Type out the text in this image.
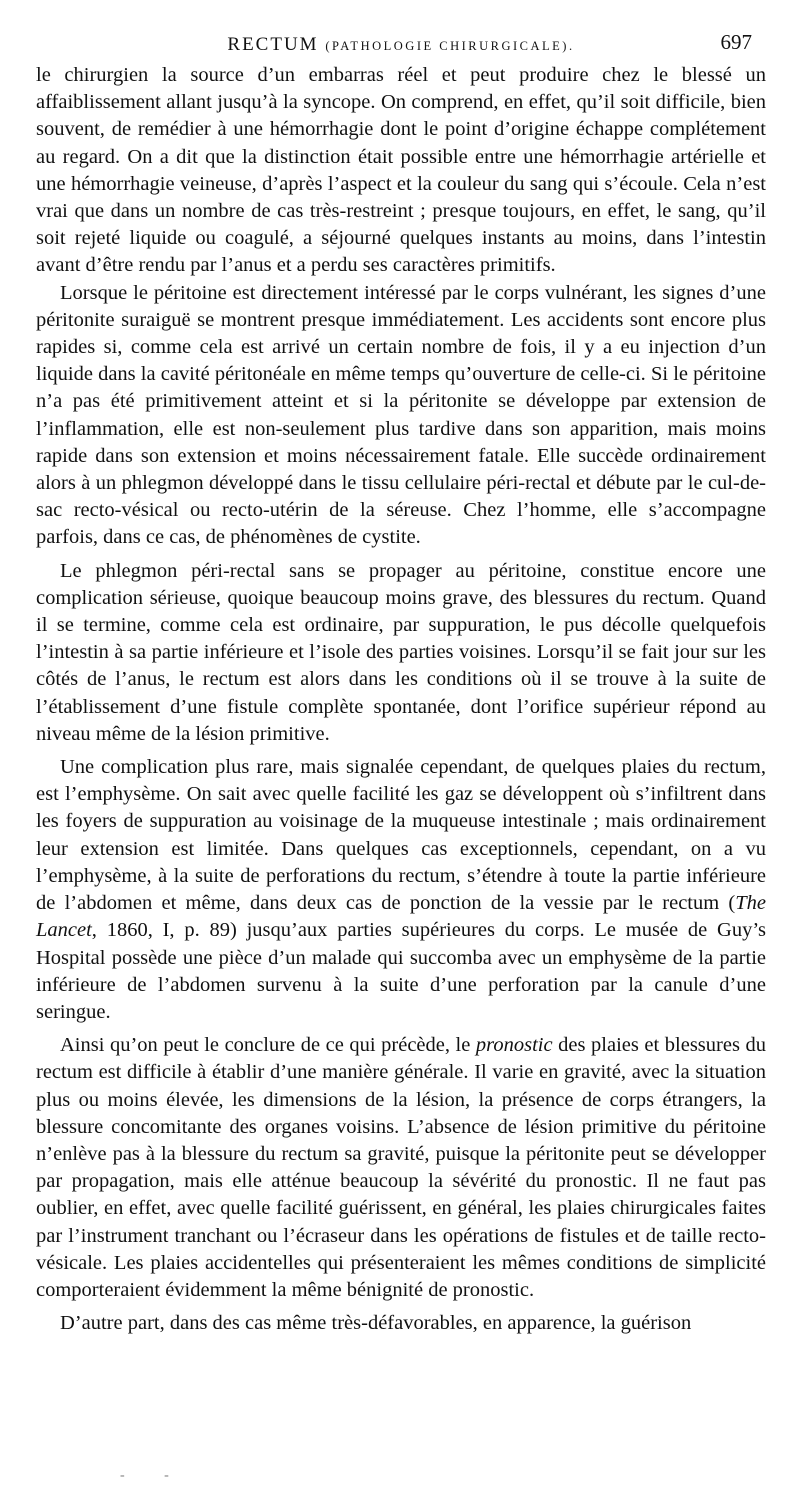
RECTUM (PATHOLOGIE CHIRURGICALE).	697

le chirurgien la source d’un embarras réel et peut produire chez le blessé un affaiblissement allant jusqu’à la syncope. On comprend, en effet, qu’il soit difficile, bien souvent, de remédier à une hémorrhagie dont le point d’origine échappe complétement au regard. On a dit que la distinction était possible entre une hémorrhagie artérielle et une hémorrhagie veineuse, d’après l’aspect et la couleur du sang qui s’écoule. Cela n’est vrai que dans un nombre de cas très-restreint ; presque toujours, en effet, le sang, qu’il soit rejeté liquide ou coagulé, a séjourné quelques instants au moins, dans l’intestin avant d’être rendu par l’anus et a perdu ses caractères primitifs.

Lorsque le péritoine est directement intéressé par le corps vulnérant, les signes d’une péritonite suraiguë se montrent presque immédiatement. Les accidents sont encore plus rapides si, comme cela est arrivé un certain nombre de fois, il y a eu injection d’un liquide dans la cavité péritonéale en même temps qu’ouverture de celle-ci. Si le péritoine n’a pas été primitivement atteint et si la péritonite se développe par extension de l’inflammation, elle est non-seulement plus tardive dans son apparition, mais moins rapide dans son extension et moins nécessairement fatale. Elle succède ordinairement alors à un phlegmon développé dans le tissu cellulaire péri-rectal et débute par le cul-de-sac recto-vésical ou recto-utérin de la séreuse. Chez l’homme, elle s’accompagne parfois, dans ce cas, de phénomènes de cystite.

Le phlegmon péri-rectal sans se propager au péritoine, constitue encore une complication sérieuse, quoique beaucoup moins grave, des blessures du rectum. Quand il se termine, comme cela est ordinaire, par suppuration, le pus décolle quelquefois l’intestin à sa partie inférieure et l’isole des parties voisines. Lorsqu’il se fait jour sur les côtés de l’anus, le rectum est alors dans les conditions où il se trouve à la suite de l’établissement d’une fistule complète spontanée, dont l’orifice supérieur répond au niveau même de la lésion primitive.

Une complication plus rare, mais signalée cependant, de quelques plaies du rectum, est l’emphysème. On sait avec quelle facilité les gaz se développent où s’infiltrent dans les foyers de suppuration au voisinage de la muqueuse intestinale ; mais ordinairement leur extension est limitée. Dans quelques cas exceptionnels, cependant, on a vu l’emphysème, à la suite de perforations du rectum, s’étendre à toute la partie inférieure de l’abdomen et même, dans deux cas de ponction de la vessie par le rectum (The Lancet, 1860, I, p. 89) jusqu’aux parties supérieures du corps. Le musée de Guy’s Hospital possède une pièce d’un malade qui succomba avec un emphysème de la partie inférieure de l’abdomen survenu à la suite d’une perforation par la canule d’une seringue.

Ainsi qu’on peut le conclure de ce qui précède, le pronostic des plaies et blessures du rectum est difficile à établir d’une manière générale. Il varie en gravité, avec la situation plus ou moins élevée, les dimensions de la lésion, la présence de corps étrangers, la blessure concomitante des organes voisins. L’absence de lésion primitive du péritoine n’enlève pas à la blessure du rectum sa gravité, puisque la péritonite peut se développer par propagation, mais elle atténue beaucoup la sévérité du pronostic. Il ne faut pas oublier, en effet, avec quelle facilité guérissent, en général, les plaies chirurgicales faites par l’instrument tranchant ou l’écraseur dans les opérations de fistules et de taille recto-vésicale. Les plaies accidentelles qui présenteraient les mêmes conditions de simplicité comporteraient évidemment la même bénignité de pronostic.

D’autre part, dans des cas même très-défavorables, en apparence, la guérison

- -
